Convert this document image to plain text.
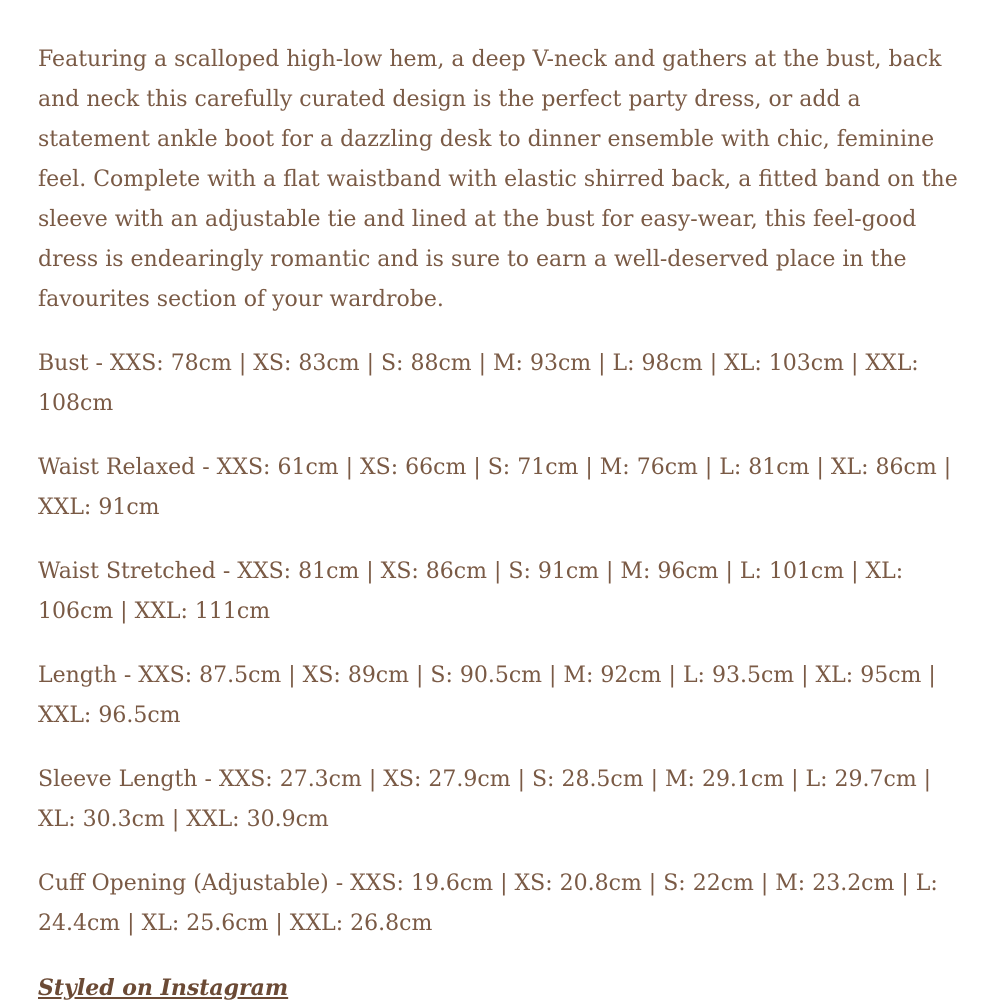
Featuring a scalloped high-low hem, a deep V-neck and gathers at the bust, back and neck this carefully curated design is the perfect party dress, or add a statement ankle boot for a dazzling desk to dinner ensemble with chic, feminine feel. Complete with a flat waistband with elastic shirred back, a fitted band on the sleeve with an adjustable tie and lined at the bust for easy-wear, this feel-good dress is endearingly romantic and is sure to earn a well-deserved place in the favourites section of your wardrobe.

Bust - XXS: 78cm | XS: 83cm | S: 88cm | M: 93cm | L: 98cm | XL: 103cm | XXL: 108cm

Waist Relaxed - XXS: 61cm | XS: 66cm | S: 71cm | M: 76cm | L: 81cm | XL: 86cm | XXL: 91cm

Waist Stretched - XXS: 81cm | XS: 86cm | S: 91cm | M: 96cm | L: 101cm | XL: 106cm | XXL: 111cm

Length - XXS: 87.5cm | XS: 89cm | S: 90.5cm | M: 92cm | L: 93.5cm | XL: 95cm | XXL: 96.5cm

Sleeve Length - XXS: 27.3cm | XS: 27.9cm | S: 28.5cm | M: 29.1cm | L: 29.7cm | XL: 30.3cm | XXL: 30.9cm

Cuff Opening (Adjustable) - XXS: 19.6cm | XS: 20.8cm | S: 22cm | M: 23.2cm | L: 24.4cm | XL: 25.6cm | XXL: 26.8cm

Styled on Instagram
